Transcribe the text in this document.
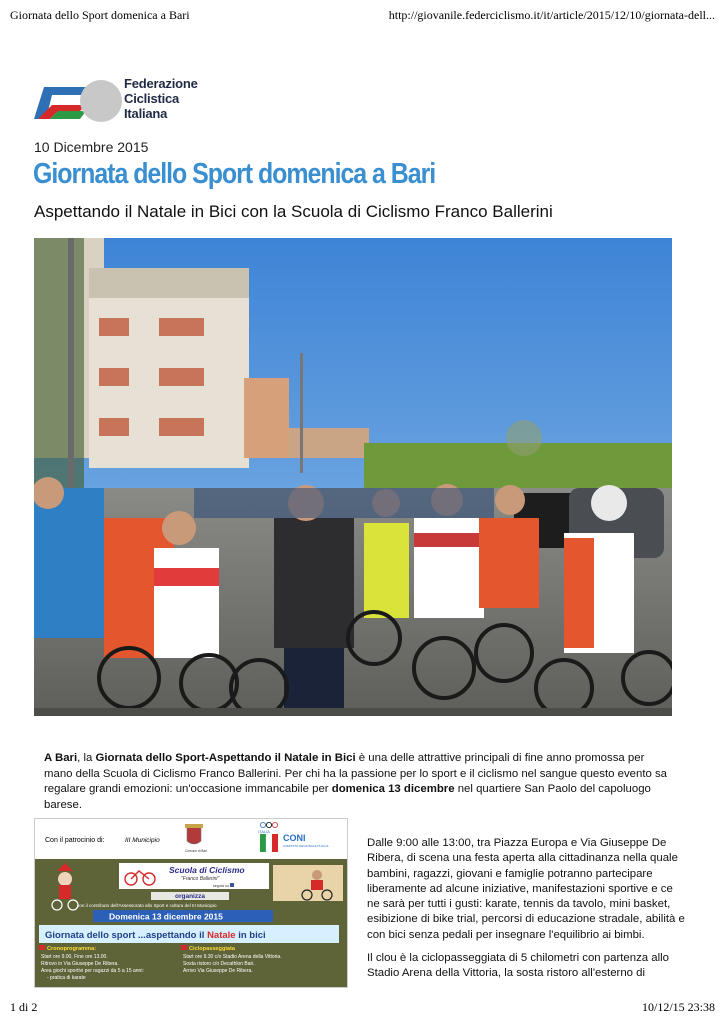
Giornata dello Sport domenica a Bari	http://giovanile.federciclismo.it/it/article/2015/12/10/giornata-dell...
Federazione
Ciclistica
Italiana
10 Dicembre 2015
Giornata dello Sport domenica a Bari
Aspettando il Natale in Bici con la Scuola di Ciclismo Franco Ballerini
A Bari, la Giornata dello Sport-Aspettando il Natale in Bici è una delle attrattive principali di fine anno promossa per mano della Scuola di Ciclismo Franco Ballerini. Per chi ha la passione per lo sport e il ciclismo nel sangue questo evento sa regalare grandi emozioni: un'occasione immancabile per domenica 13 dicembre nel quartiere San Paolo del capoluogo barese.
Con il patrocinio di:	III Municipio
Comune di Bari
ITALIA
CONI
COMITATO REGIONALE PUGLIA
Scuola di Ciclismo
"Franco Ballerini"
seguici su
organizza
con il contributo dell'Assessorato allo Sport e cultura del III Municipio
Domenica 13 dicembre 2015
Giornata dello sport ...aspettando il Natale in bici
Cronoprogramma:
Start ore 9.00, Fine ore 13.00.
Ritrovo in Via Giuseppe De Ribera.
Area giochi sportivi per ragazzi da 5 a 15 anni:
- pratica di karate
Ciclopasseggiata
Start ore 9.30 c/o Stadio Arena della Vittoria.
Sosta ristoro c/o Decathlon Bari.
Arrivo Via Giuseppe De Ribera.

Dalle 9:00 alle 13:00, tra Piazza Europa e Via Giuseppe De Ribera, di scena una festa aperta alla cittadinanza nella quale bambini, ragazzi, giovani e famiglie potranno partecipare liberamente ad alcune iniziative, manifestazioni sportive e ce ne sarà per tutti i gusti: karate, tennis da tavolo, mini basket, esibizione di bike trial, percorsi di educazione stradale, abilità e con bici senza pedali per insegnare l'equilibrio ai bimbi.

Il clou è la ciclopasseggiata di 5 chilometri con partenza allo Stadio Arena della Vittoria, la sosta ristoro all'esterno di

1 di 2	10/12/15 23:38
